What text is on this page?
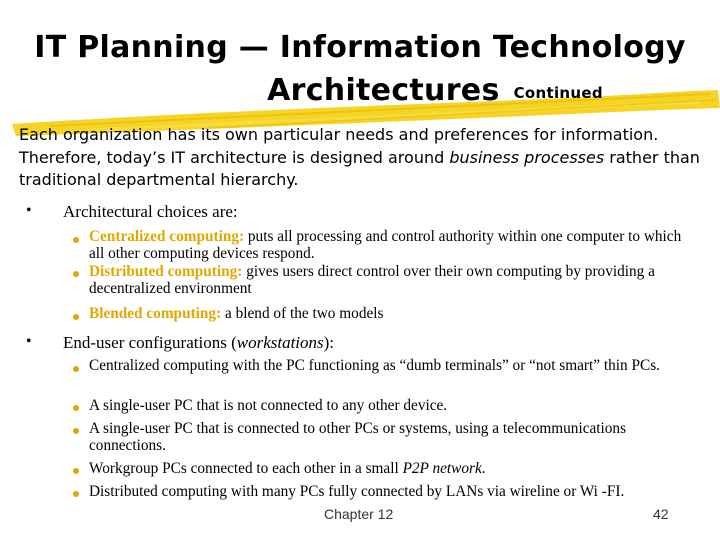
IT Planning — Information Technology
Architectures Continued
Each organization has its own particular needs and preferences for information. Therefore, today’s IT architecture is designed around business processes rather than traditional departmental hierarchy.
• Architectural choices are:
Centralized computing: puts all processing and control authority within one computer to which all other computing devices respond.
Distributed computing: gives users direct control over their own computing by providing a decentralized environment
Blended computing: a blend of the two models
• End-user configurations (workstations):
Centralized computing with the PC functioning as “dumb terminals” or “not smart” thin PCs.
A single-user PC that is not connected to any other device.
A single-user PC that is connected to other PCs or systems, using a telecommunications connections.
Workgroup PCs connected to each other in a small P2P network.
Distributed computing with many PCs fully connected by LANs via wireline or Wi -FI.
Chapter 12	42
